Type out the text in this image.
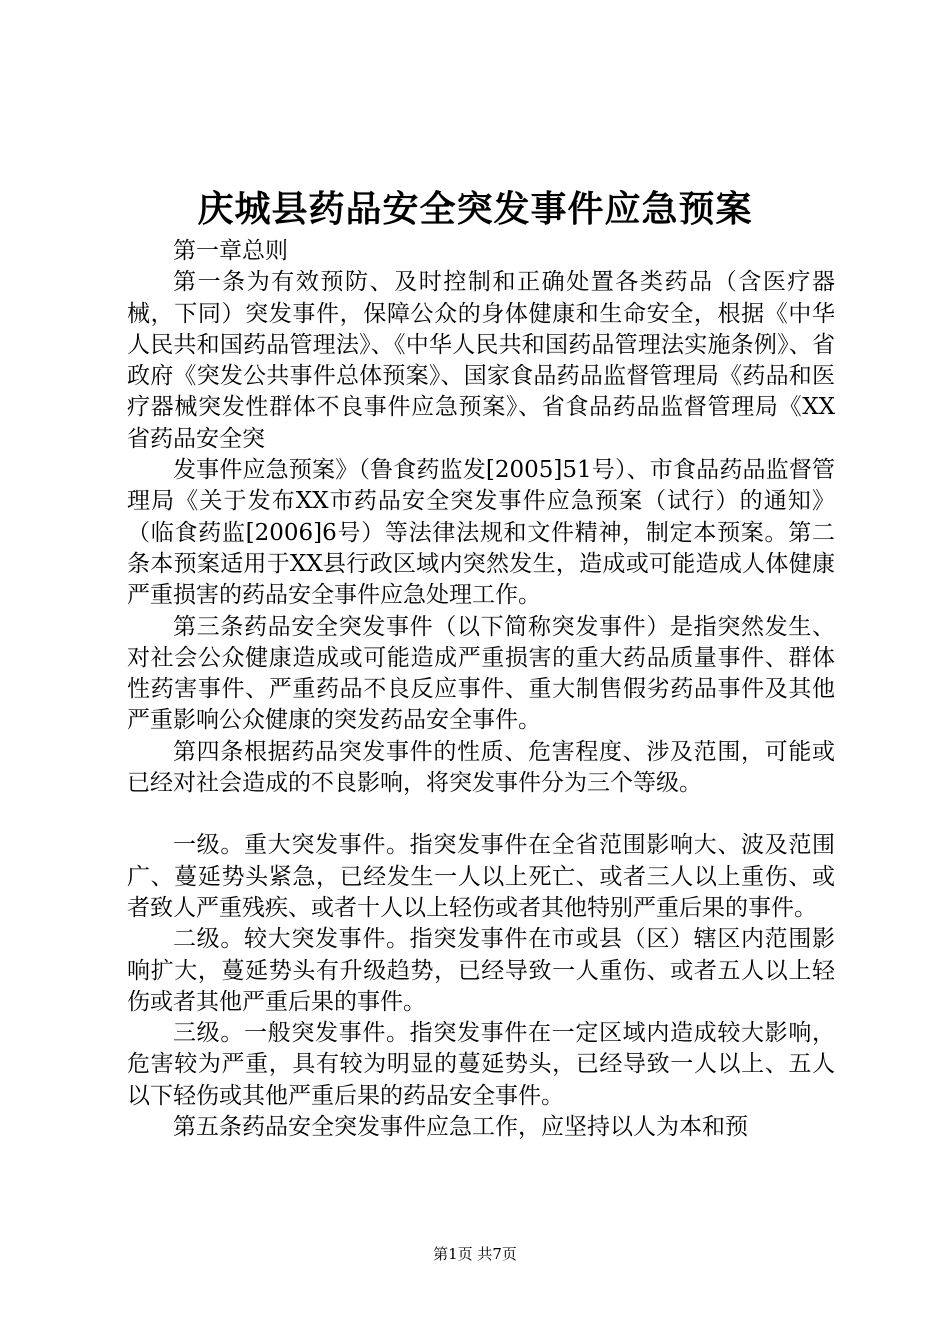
庆城县药品安全突发事件应急预案

第一章总则

第一条为有效预防、及时控制和正确处置各类药品（含医疗器械，下同）突发事件，保障公众的身体健康和生命安全，根据《中华人民共和国药品管理法》、《中华人民共和国药品管理法实施条例》、省政府《突发公共事件总体预案》、国家食品药品监督管理局《药品和医疗器械突发性群体不良事件应急预案》、省食品药品监督管理局《XX省药品安全突

发事件应急预案》（鲁食药监发[2005]51号）、市食品药品监督管理局《关于发布XX市药品安全突发事件应急预案（试行）的通知》（临食药监[2006]6号）等法律法规和文件精神，制定本预案。第二条本预案适用于XX县行政区域内突然发生，造成或可能造成人体健康严重损害的药品安全事件应急处理工作。

第三条药品安全突发事件（以下简称突发事件）是指突然发生、对社会公众健康造成或可能造成严重损害的重大药品质量事件、群体性药害事件、严重药品不良反应事件、重大制售假劣药品事件及其他严重影响公众健康的突发药品安全事件。

第四条根据药品突发事件的性质、危害程度、涉及范围，可能或已经对社会造成的不良影响，将突发事件分为三个等级。

一级。重大突发事件。指突发事件在全省范围影响大、波及范围广、蔓延势头紧急，已经发生一人以上死亡、或者三人以上重伤、或者致人严重残疾、或者十人以上轻伤或者其他特别严重后果的事件。

二级。较大突发事件。指突发事件在市或县（区）辖区内范围影响扩大，蔓延势头有升级趋势，已经导致一人重伤、或者五人以上轻伤或者其他严重后果的事件。

三级。一般突发事件。指突发事件在一定区域内造成较大影响，危害较为严重，具有较为明显的蔓延势头，已经导致一人以上、五人以下轻伤或其他严重后果的药品安全事件。

第五条药品安全突发事件应急工作，应坚持以人为本和预

第1页 共7页
